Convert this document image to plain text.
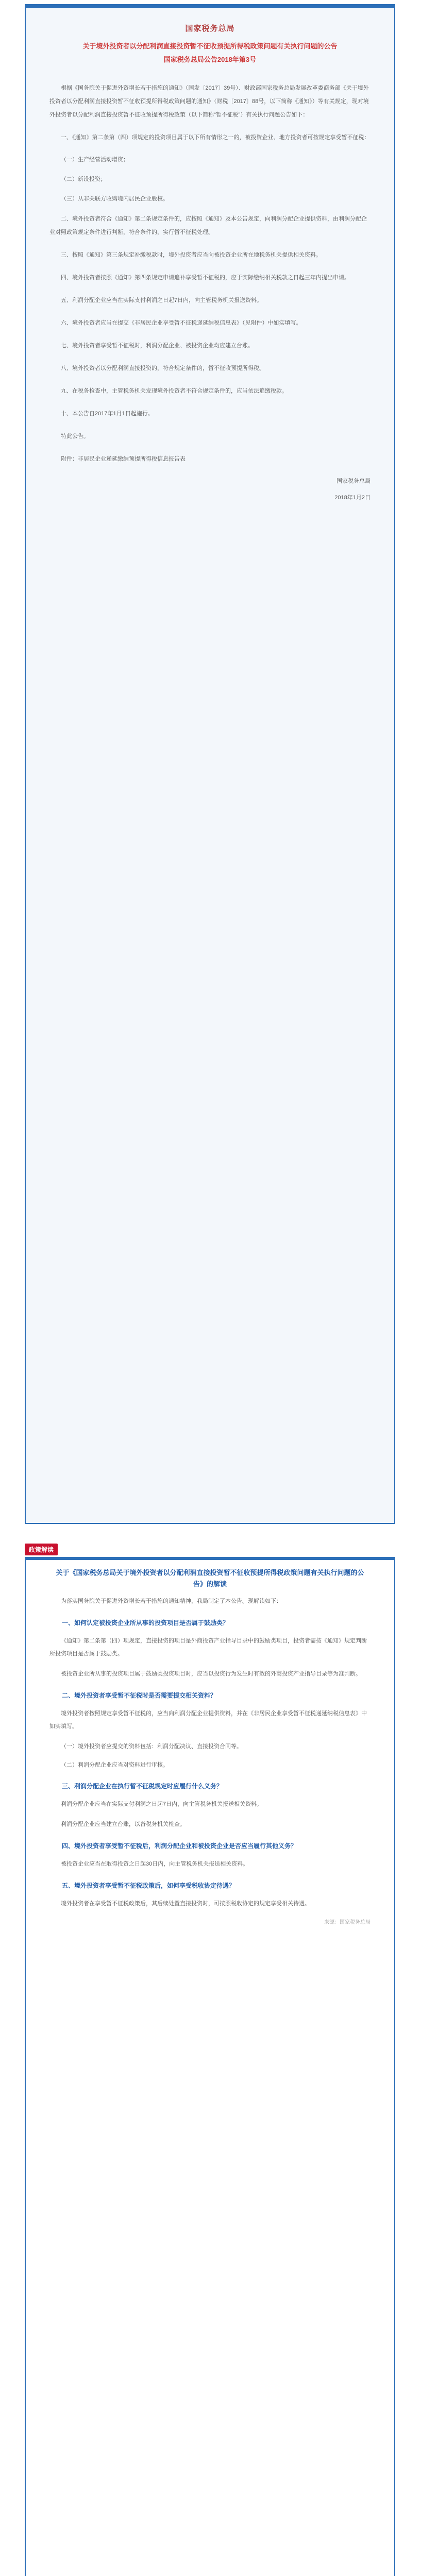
国家税务总局
关于境外投资者以分配利润直接投资暂不征收预提所得税政策问题有关执行问题的公告
国家税务总局公告2018年第3号

根据《国务院关于促进外资增长若干措施的通知》（国发〔2017〕39号）、财政部国家税务总局发展改革委商务部《关于境外投资者以分配利润直接投资暂不征收预提所得税政策问题的通知》（财税〔2017〕88号，以下简称《通知》）等有关规定，现对境外投资者以分配利润直接投资暂不征收预提所得税政策（以下简称“暂不征税”）有关执行问题公告如下：

一、《通知》第二条第（四）项规定的投资项目属于以下所有情形之一的，被投资企业、地方投资者可按规定享受暂不征税：

（一）生产经营活动增资；
（二）新设投资；
（三）从非关联方收购境内居民企业股权。

二、境外投资者符合《通知》第二条规定条件的，应按照《通知》及本公告规定，向利润分配企业提供资料，由利润分配企业对照政策规定条件进行判断，符合条件的，实行暂不征税处理。

三、按照《通知》第三条规定补缴税款时，境外投资者应当向被投资企业所在地税务机关提供相关资料。

四、境外投资者按照《通知》第四条规定申请追补享受暂不征税的，应于实际缴纳相关税款之日起三年内提出申请。

五、利润分配企业应当在实际支付利润之日起7日内，向主管税务机关报送资料。

六、境外投资者应当在提交《非居民企业享受暂不征税递延纳税信息表》（见附件）中如实填写。

七、境外投资者享受暂不征税时，利润分配企业、被投资企业均应建立台账。

八、境外投资者以分配利润直接投资的，符合规定条件的，暂不征收预提所得税。

九、在税务检查中，主管税务机关发现境外投资者不符合规定条件的，应当依法追缴税款。

十、本公告自2017年1月1日起施行。

特此公告。

附件：非居民企业递延缴纳预提所得税信息报告表

国家税务总局
2018年1月2日
政策解读
关于《国家税务总局关于境外投资者以分配利润直接投资暂不征收预提所得税政策问题有关执行问题的公告》的解读

为落实国务院关于促进外资增长若干措施的通知精神，我局制定了本公告。现解读如下：

一、如何认定被投资企业所从事的投资项目是否属于鼓励类？

《通知》第二条第（四）项规定，直接投资的项目是外商投资产业指导目录中的鼓励类项目，投资者需按《通知》规定判断所投资项目是否属于鼓励类。

被投资企业所从事的投资项目属于鼓励类投资项目时，应当以投资行为发生时有效的外商投资产业指导目录等为准判断。

二、境外投资者享受暂不征税时是否需要提交相关资料？

境外投资者按照规定享受暂不征税的，应当向利润分配企业提供资料，并在《非居民企业享受暂不征税递延纳税信息表》中如实填写。

（一）境外投资者应提交的资料包括：利润分配决议、直接投资合同等。
（二）利润分配企业应当对资料进行审核。
三、利润分配企业在执行暂不征税规定时应履行什么义务？

利润分配企业应当在实际支付利润之日起7日内，向主管税务机关报送相关资料。

利润分配企业应当建立台账，以备税务机关检查。

四、境外投资者享受暂不征税后，利润分配企业和被投资企业是否应当履行其他义务？

被投资企业应当在取得投资之日起30日内，向主管税务机关报送相关资料。

五、境外投资者享受暂不征税政策后，如何享受税收协定待遇？

境外投资者在享受暂不征税政策后，其后续处置直接投资时，可按照税收协定的规定享受相关待遇。

来源：国家税务总局
